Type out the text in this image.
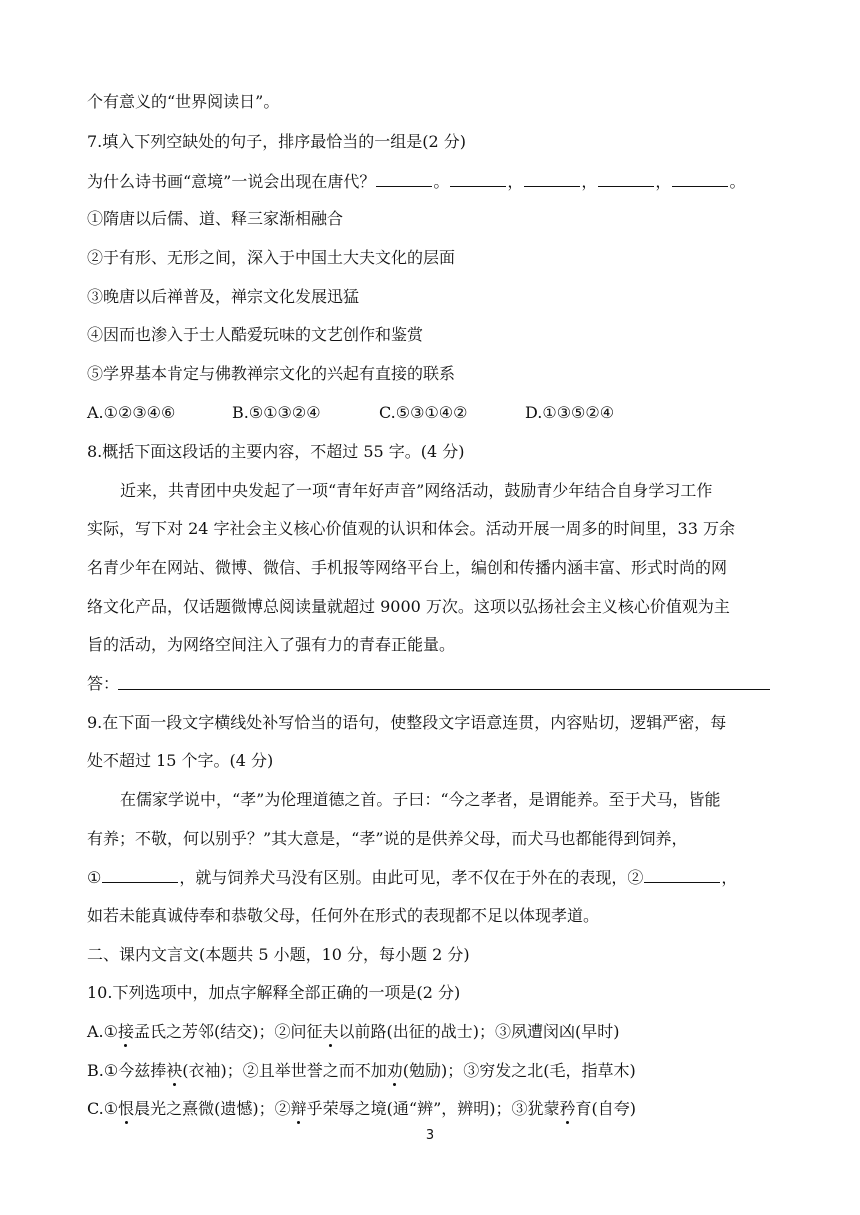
个有意义的“世界阅读日”。
7.填入下列空缺处的句子，排序最恰当的一组是(2 分)
为什么诗书画“意境”一说会出现在唐代？	。	，	，	，	。
①隋唐以后儒、道、释三家渐相融合
②于有形、无形之间，深入于中国土大夫文化的层面
③晚唐以后禅普及，禅宗文化发展迅猛
④因而也渗入于士人酷爱玩味的文艺创作和鉴赏
⑤学界基本肯定与佛教禅宗文化的兴起有直接的联系
A.①②③④⑥	B.⑤①③②④	C.⑤③①④②	D.①③⑤②④
8.概括下面这段话的主要内容，不超过 55 字。(4 分)
近来，共青团中央发起了一项“青年好声音”网络活动，鼓励青少年结合自身学习工作
实际，写下对 24 字社会主义核心价值观的认识和体会。活动开展一周多的时间里，33 万余
名青少年在网站、微博、微信、手机报等网络平台上，编创和传播内涵丰富、形式时尚的网
络文化产品，仅话题微博总阅读量就超过 9000 万次。这项以弘扬社会主义核心价值观为主
旨的活动，为网络空间注入了强有力的青春正能量。
答：
9.在下面一段文字横线处补写恰当的语句，使整段文字语意连贯，内容贴切，逻辑严密，每
处不超过 15 个字。(4 分)
在儒家学说中，“孝”为伦理道德之首。子曰：“今之孝者，是谓能养。至于犬马，皆能
有养；不敬，何以别乎？”其大意是，“孝”说的是供养父母，而犬马也都能得到饲养，
①	，就与饲养犬马没有区别。由此可见，孝不仅在于外在的表现，②	，
如若未能真诚侍奉和恭敬父母，任何外在形式的表现都不足以体现孝道。
二、课内文言文(本题共 5 小题，10 分，每小题 2 分)
10.下列选项中，加点字解释全部正确的一项是(2 分)
A.①接孟氏之芳邻(结交)；②问征夫以前路(出征的战士)；③夙遭闵凶(早时)
B.①今兹捧袂(衣袖)；②且举世誉之而不加劝(勉励)；③穷发之北(毛，指草木)
C.①恨晨光之熹微(遗憾)；②辩乎荣辱之境(通“辨”，辨明)；③犹蒙矜育(自夸)
3
